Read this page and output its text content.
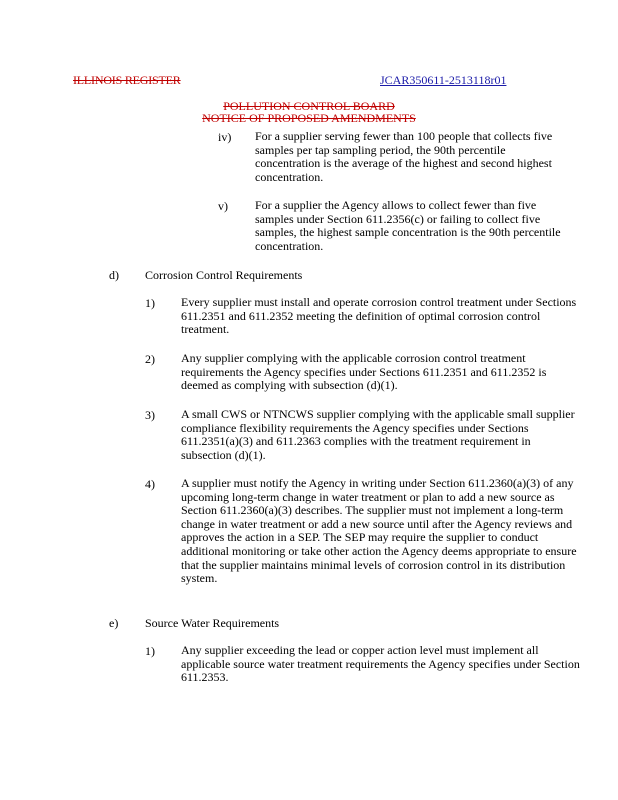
ILLINOIS REGISTER	JCAR350611-2513118r01
POLLUTION CONTROL BOARD
NOTICE OF PROPOSED AMENDMENTS
iv) For a supplier serving fewer than 100 people that collects five samples per tap sampling period, the 90th percentile concentration is the average of the highest and second highest concentration.
v) For a supplier the Agency allows to collect fewer than five samples under Section 611.2356(c) or failing to collect five samples, the highest sample concentration is the 90th percentile concentration.
d) Corrosion Control Requirements
1) Every supplier must install and operate corrosion control treatment under Sections 611.2351 and 611.2352 meeting the definition of optimal corrosion control treatment.
2) Any supplier complying with the applicable corrosion control treatment requirements the Agency specifies under Sections 611.2351 and 611.2352 is deemed as complying with subsection (d)(1).
3) A small CWS or NTNCWS supplier complying with the applicable small supplier compliance flexibility requirements the Agency specifies under Sections 611.2351(a)(3) and 611.2363 complies with the treatment requirement in subsection (d)(1).
4) A supplier must notify the Agency in writing under Section 611.2360(a)(3) of any upcoming long-term change in water treatment or plan to add a new source as Section 611.2360(a)(3) describes. The supplier must not implement a long-term change in water treatment or add a new source until after the Agency reviews and approves the action in a SEP. The SEP may require the supplier to conduct additional monitoring or take other action the Agency deems appropriate to ensure that the supplier maintains minimal levels of corrosion control in its distribution system.
e) Source Water Requirements
1) Any supplier exceeding the lead or copper action level must implement all applicable source water treatment requirements the Agency specifies under Section 611.2353.
